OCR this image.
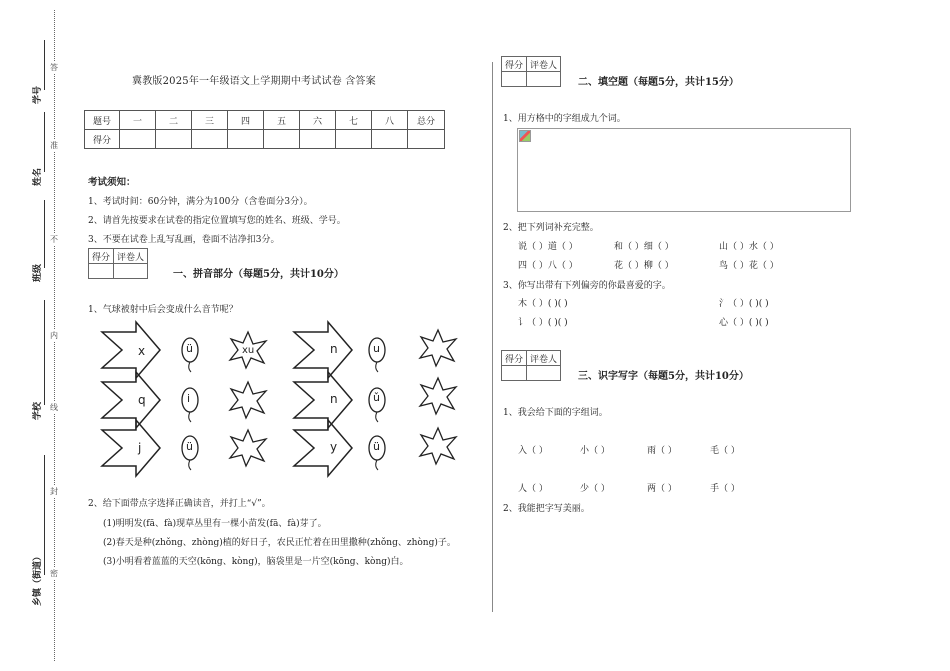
学号
姓名
班级
学校
乡镇（街道）
答
准
不
内
线
封
密
冀教版2025年一年级语文上学期期中考试试卷 含答案
题号	一	二	三	四	五	六	七	八	总分
得分									
考试须知：
1、考试时间：60分钟，满分为100分（含卷面分3分）。
2、请首先按要求在试卷的指定位置填写您的姓名、班级、学号。
3、不要在试卷上乱写乱画，卷面不洁净扣3分。
得分	评卷人

一、拼音部分（每题5分，共计10分）
1、气球被射中后会变成什么音节呢？
x
q
j
ü
i
ü
xu	n
n
y
u
ǔ
ü
2、给下面带点字选择正确读音，并打上“√”。
(1)明明发(fā、fà)现草丛里有一棵小苗发(fā、fà)芽了。
(2)春天是种(zhǒng、zhòng)植的好日子，农民正忙着在田里撒种(zhǒng、zhòng)子。
(3)小明看着蓝蓝的天空(kōng、kòng)，脑袋里是一片空(kōng、kòng)白。
得分	评卷人

二、填空题（每题5分，共计15分）
1、用方格中的字组成九个词。
2、把下列词补充完整。
说（ ）道（ ）	和（ ）细（ ）	山（ ）水（ ）
四（ ）八（ ）	花（ ）柳（ ）	鸟（ ）花（ ）
3、你写出带有下列偏旁的你最喜爱的字。
木（ ）( )( )	氵（ ）( )( )
讠（ ）( )( )	心（ ）( )( )
得分	评卷人

三、识字写字（每题5分，共计10分）
1、我会给下面的字组词。
入（ ）	小（ ）	雨（ ）	毛（ ）
人（ ）	少（ ）	两（ ）	手（ ）
2、我能把字写美丽。
